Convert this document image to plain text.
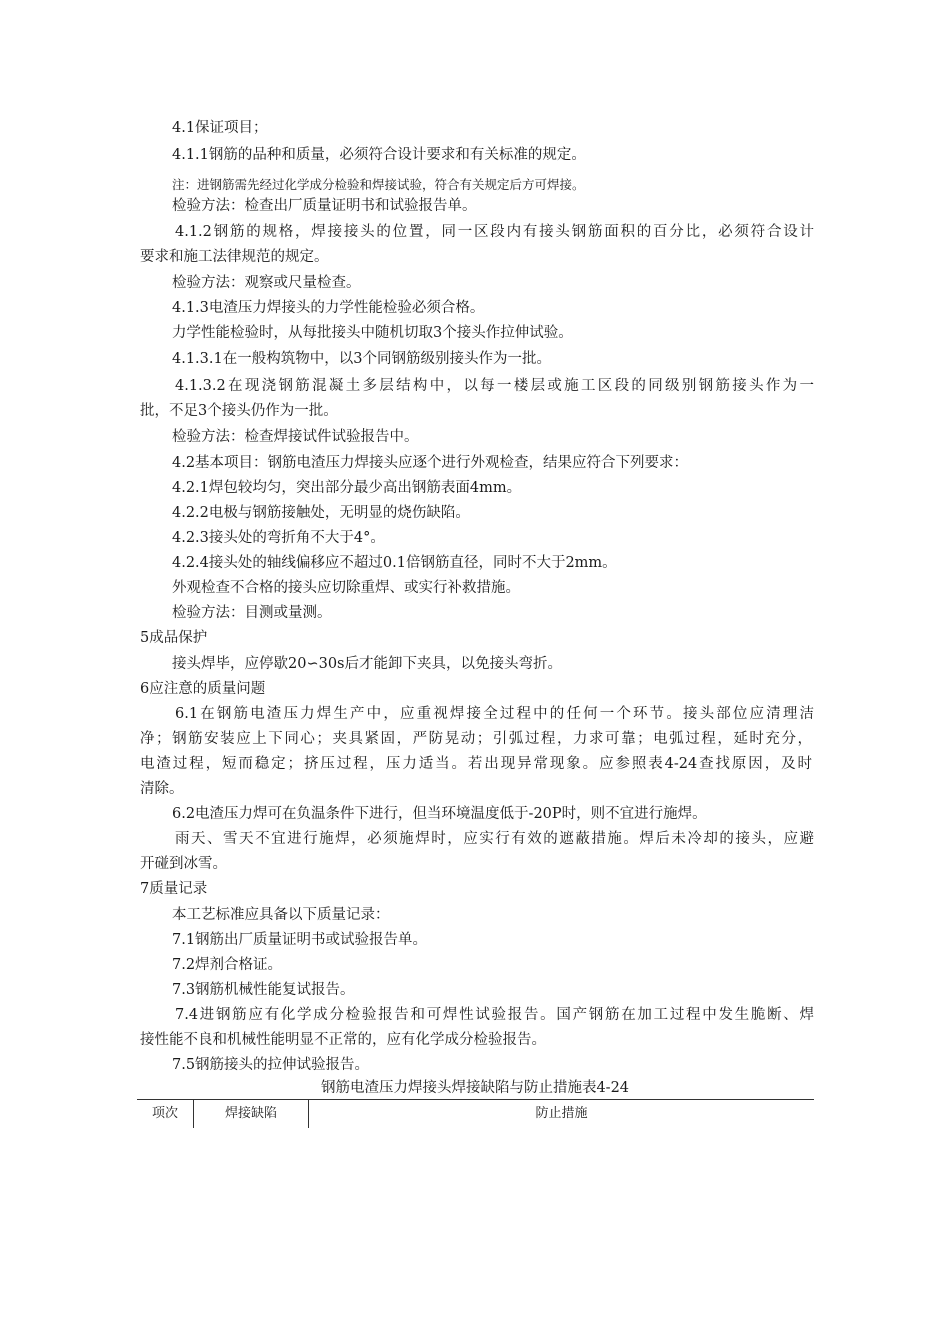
4.1保证项目；
4.1.1钢筋的品种和质量，必须符合设计要求和有关标准的规定。
注：进钢筋需先经过化学成分检验和焊接试验，符合有关规定后方可焊接。
检验方法：检查出厂质量证明书和试验报告单。
4.1.2钢筋的规格，焊接接头的位置，同一区段内有接头钢筋面积的百分比，必须符合设计
要求和施工法律规范的规定。
检验方法：观察或尺量检查。
4.1.3电渣压力焊接头的力学性能检验必须合格。
力学性能检验时，从每批接头中随机切取3个接头作拉伸试验。
4.1.3.1在一般构筑物中，以3个同钢筋级别接头作为一批。
4.1.3.2在现浇钢筋混凝土多层结构中，以每一楼层或施工区段的同级别钢筋接头作为一
批，不足3个接头仍作为一批。
检验方法：检查焊接试件试验报告中。
4.2基本项目：钢筋电渣压力焊接头应逐个进行外观检查，结果应符合下列要求：
4.2.1焊包较均匀，突出部分最少高出钢筋表面4mm。
4.2.2电极与钢筋接触处，无明显的烧伤缺陷。
4.2.3接头处的弯折角不大于4°。
4.2.4接头处的轴线偏移应不超过0.1倍钢筋直径，同时不大于2mm。
外观检查不合格的接头应切除重焊、或实行补救措施。
检验方法：目测或量测。
5成品保护
接头焊毕，应停歇20∽30s后才能卸下夹具，以免接头弯折。
6应注意的质量问题
6.1在钢筋电渣压力焊生产中，应重视焊接全过程中的任何一个环节。接头部位应清理洁
净；钢筋安装应上下同心；夹具紧固，严防晃动；引弧过程，力求可靠；电弧过程，延时充分，
电渣过程，短而稳定；挤压过程，压力适当。若出现异常现象。应参照表4-24查找原因，及时
清除。
6.2电渣压力焊可在负温条件下进行，但当环境温度低于-20P时，则不宜进行施焊。
雨天、雪天不宜进行施焊，必须施焊时，应实行有效的遮蔽措施。焊后未冷却的接头，应避
开碰到冰雪。
7质量记录
本工艺标准应具备以下质量记录：
7.1钢筋出厂质量证明书或试验报告单。
7.2焊剂合格证。
7.3钢筋机械性能复试报告。
7.4进钢筋应有化学成分检验报告和可焊性试验报告。国产钢筋在加工过程中发生脆断、焊
接性能不良和机械性能明显不正常的，应有化学成分检验报告。
7.5钢筋接头的拉伸试验报告。
钢筋电渣压力焊接头焊接缺陷与防止措施表4-24
项次	焊接缺陷	防止措施
